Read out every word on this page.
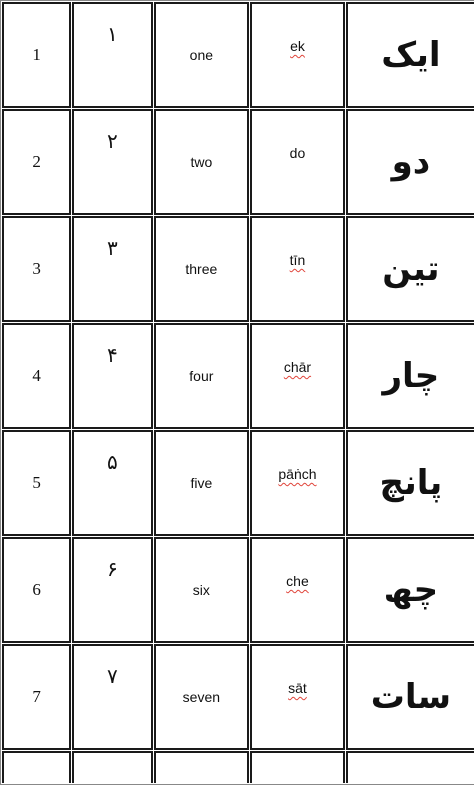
1	١	one	ek	ایک
2	٢	two	do	دو
3	٣	three	tīn	تین
4	۴	four	chār	چار
5	۵	five	pāṅch	پانچ
6	۶	six	che	چھ
7	٧	seven	sāt	سات
